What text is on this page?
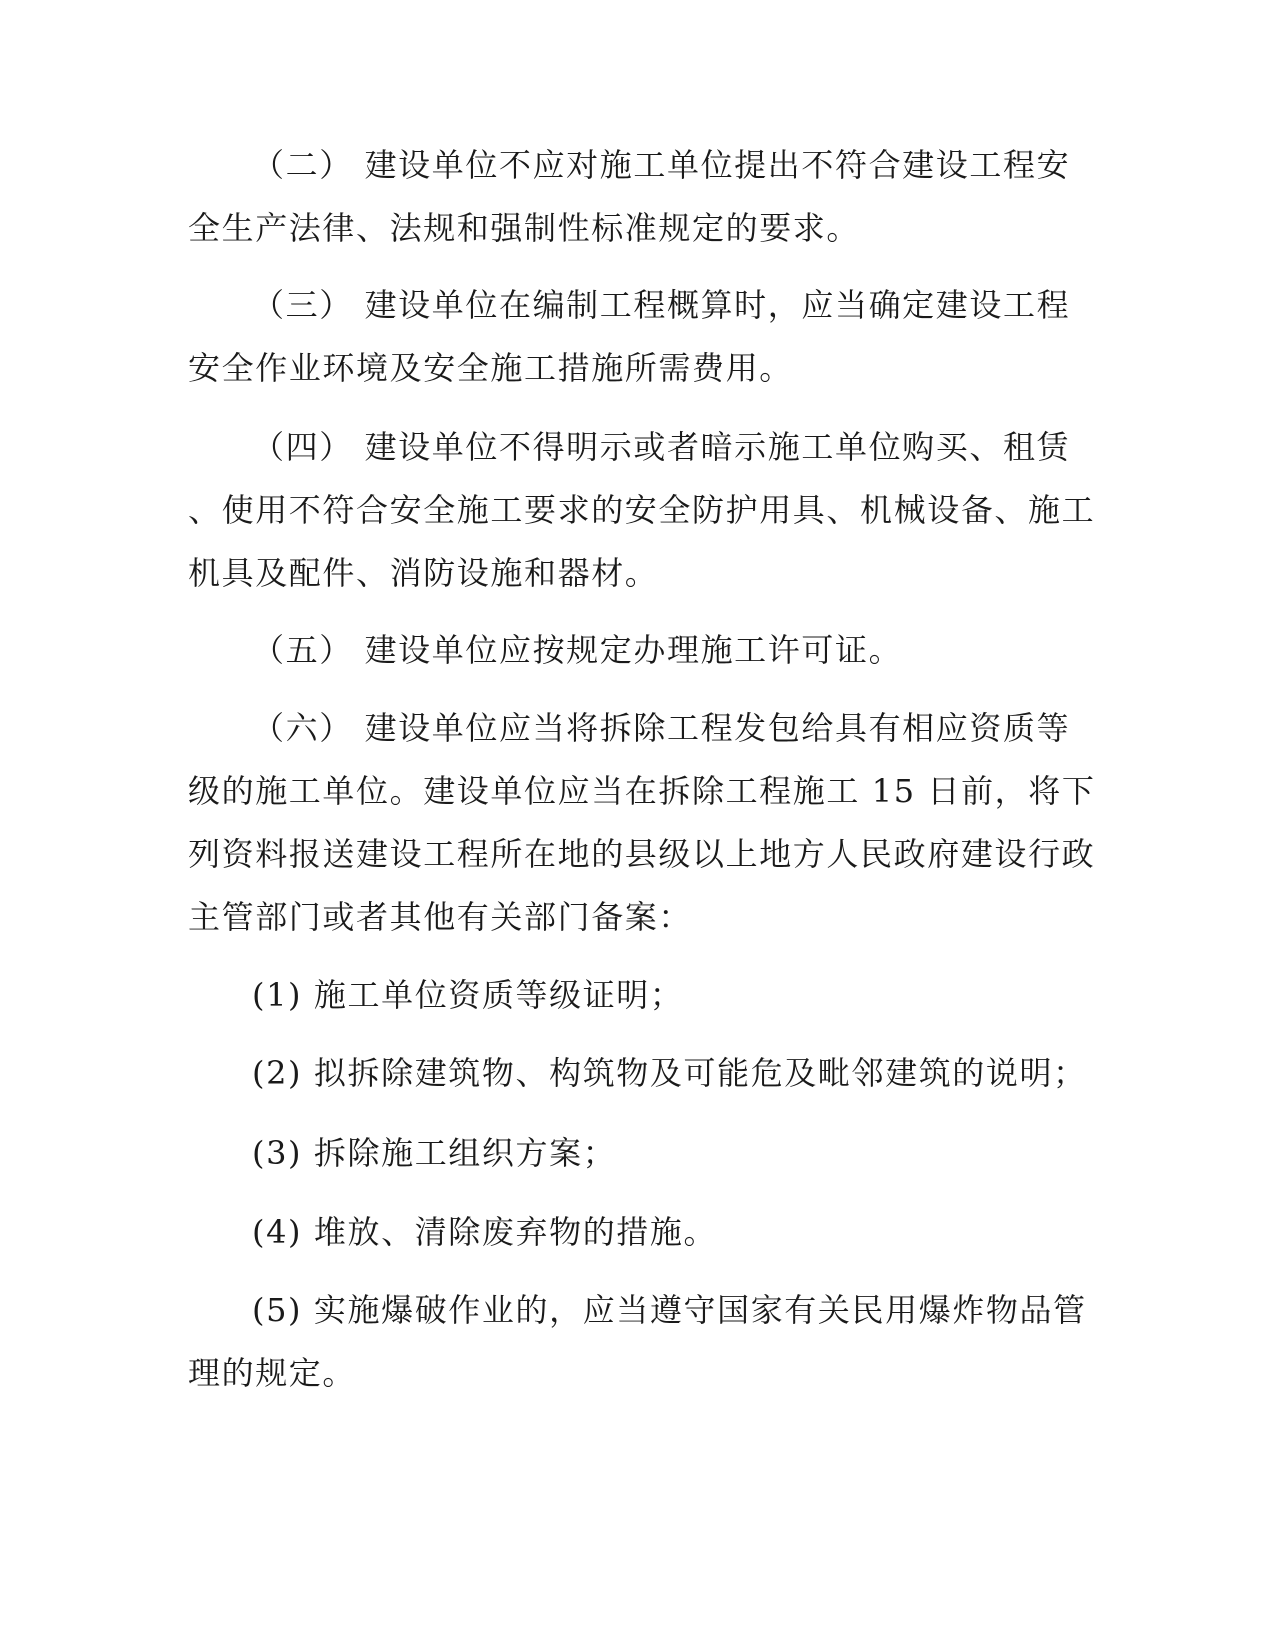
（二） 建设单位不应对施工单位提出不符合建设工程安
全生产法律、法规和强制性标准规定的要求。
（三） 建设单位在编制工程概算时，应当确定建设工程
安全作业环境及安全施工措施所需费用。
（四） 建设单位不得明示或者暗示施工单位购买、租赁
、使用不符合安全施工要求的安全防护用具、机械设备、施工
机具及配件、消防设施和器材。
（五） 建设单位应按规定办理施工许可证。
（六） 建设单位应当将拆除工程发包给具有相应资质等
级的施工单位。建设单位应当在拆除工程施工 15 日前，将下
列资料报送建设工程所在地的县级以上地方人民政府建设行政
主管部门或者其他有关部门备案：
(1) 施工单位资质等级证明；
(2) 拟拆除建筑物、构筑物及可能危及毗邻建筑的说明；
(3) 拆除施工组织方案；
(4) 堆放、清除废弃物的措施。
(5) 实施爆破作业的，应当遵守国家有关民用爆炸物品管
理的规定。
